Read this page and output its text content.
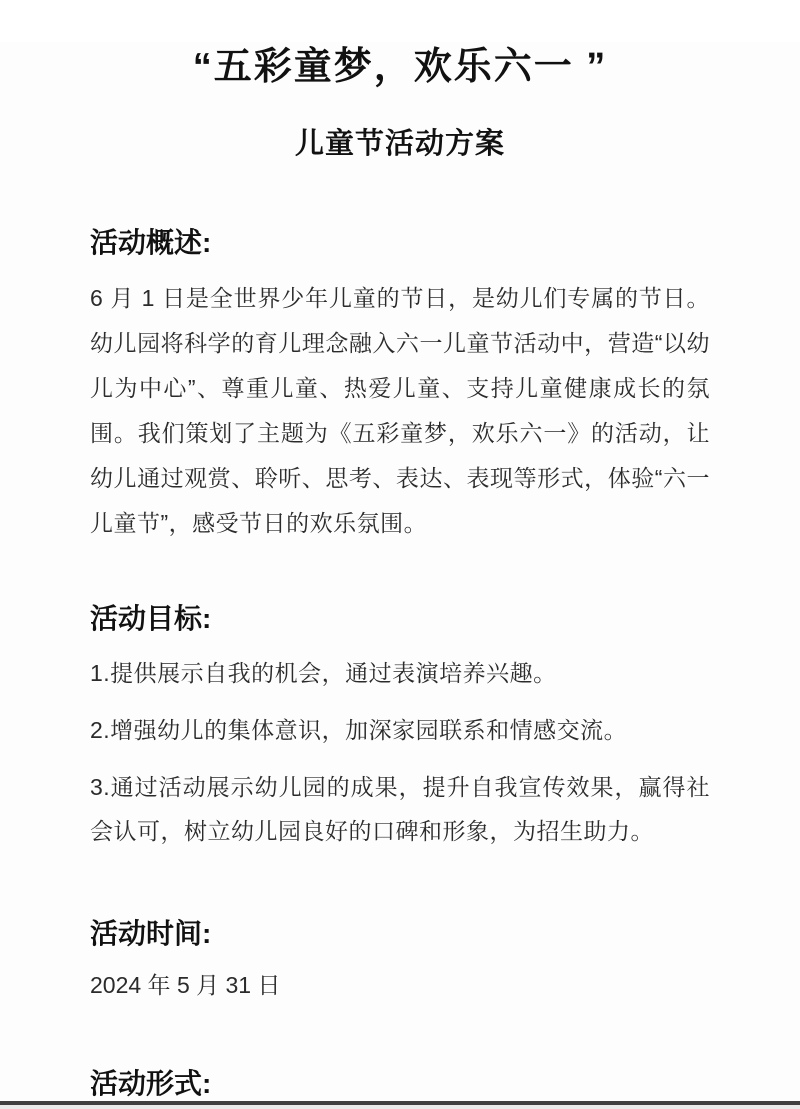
“五彩童梦，欢乐六一 ”
儿童节活动方案
活动概述:

6 月 1 日是全世界少年儿童的节日，是幼儿们专属的节日。幼儿园将科学的育儿理念融入六一儿童节活动中，营造“以幼儿为中心”、尊重儿童、热爱儿童、支持儿童健康成长的氛围。我们策划了主题为《五彩童梦，欢乐六一》的活动，让幼儿通过观赏、聆听、思考、表达、表现等形式，体验“六一儿童节”，感受节日的欢乐氛围。

活动目标:

1.提供展示自我的机会，通过表演培养兴趣。

2.增强幼儿的集体意识，加深家园联系和情感交流。

3.通过活动展示幼儿园的成果，提升自我宣传效果，赢得社会认可，树立幼儿园良好的口碑和形象，为招生助力。

活动时间:

2024 年 5 月 31 日

活动形式:
